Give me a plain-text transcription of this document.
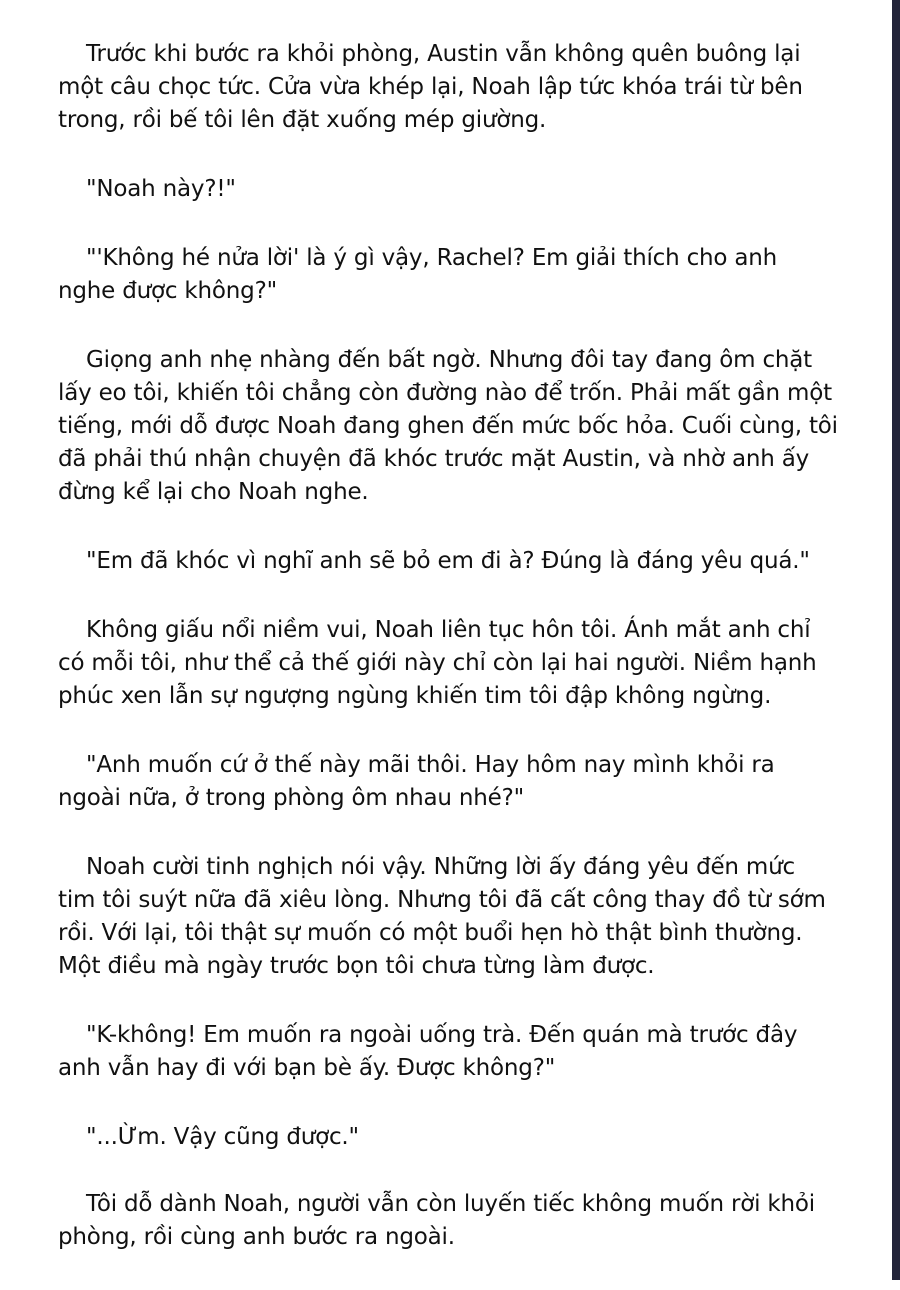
Trước khi bước ra khỏi phòng, Austin vẫn không quên buông lại một câu chọc tức. Cửa vừa khép lại, Noah lập tức khóa trái từ bên trong, rồi bế tôi lên đặt xuống mép giường.

"Noah này?!"

"'Không hé nửa lời' là ý gì vậy, Rachel? Em giải thích cho anh nghe được không?"

Giọng anh nhẹ nhàng đến bất ngờ. Nhưng đôi tay đang ôm chặt lấy eo tôi, khiến tôi chẳng còn đường nào để trốn. Phải mất gần một tiếng, mới dỗ được Noah đang ghen đến mức bốc hỏa. Cuối cùng, tôi đã phải thú nhận chuyện đã khóc trước mặt Austin, và nhờ anh ấy đừng kể lại cho Noah nghe.

"Em đã khóc vì nghĩ anh sẽ bỏ em đi à? Đúng là đáng yêu quá."

Không giấu nổi niềm vui, Noah liên tục hôn tôi. Ánh mắt anh chỉ có mỗi tôi, như thể cả thế giới này chỉ còn lại hai người. Niềm hạnh phúc xen lẫn sự ngượng ngùng khiến tim tôi đập không ngừng.

"Anh muốn cứ ở thế này mãi thôi. Hay hôm nay mình khỏi ra ngoài nữa, ở trong phòng ôm nhau nhé?"

Noah cười tinh nghịch nói vậy. Những lời ấy đáng yêu đến mức tim tôi suýt nữa đã xiêu lòng. Nhưng tôi đã cất công thay đồ từ sớm rồi. Với lại, tôi thật sự muốn có một buổi hẹn hò thật bình thường. Một điều mà ngày trước bọn tôi chưa từng làm được.

"K-không! Em muốn ra ngoài uống trà. Đến quán mà trước đây anh vẫn hay đi với bạn bè ấy. Được không?"

"...Ừm. Vậy cũng được."

Tôi dỗ dành Noah, người vẫn còn luyến tiếc không muốn rời khỏi phòng, rồi cùng anh bước ra ngoài.
